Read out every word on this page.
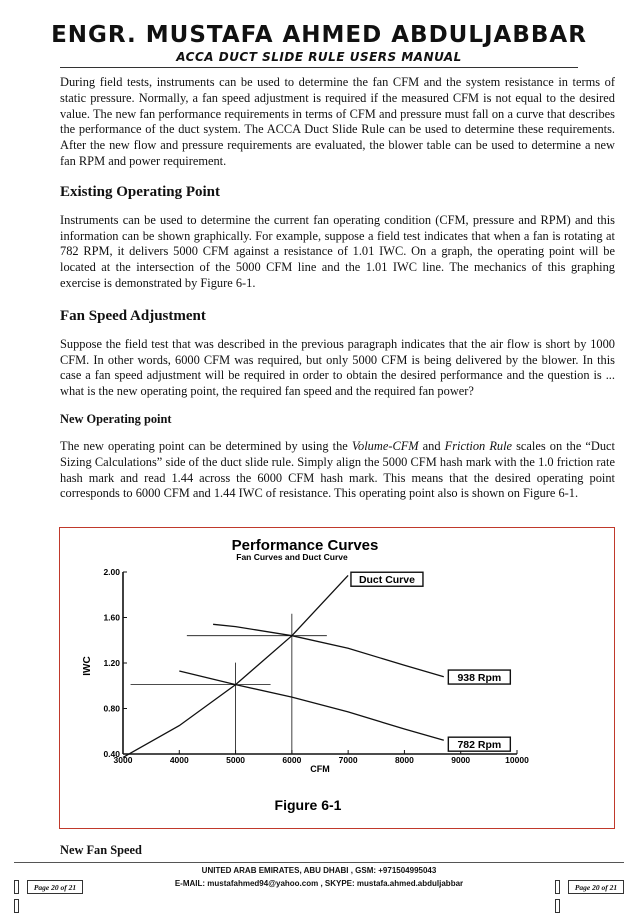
ENGR. MUSTAFA AHMED ABDULJABBAR
ACCA DUCT SLIDE RULE USERS MANUAL

During field tests, instruments can be used to determine the fan CFM and the system resistance in terms of static pressure. Normally, a fan speed adjustment is required if the measured CFM is not equal to the desired value. The new fan performance requirements in terms of CFM and pressure must fall on a curve that describes the performance of the duct system. The ACCA Duct Slide Rule can be used to determine these requirements. After the new flow and pressure requirements are evaluated, the blower table can be used to determine a new fan RPM and power requirement.

Existing Operating Point

Instruments can be used to determine the current fan operating condition (CFM, pressure and RPM) and this information can be shown graphically. For example, suppose a field test indicates that when a fan is rotating at 782 RPM, it delivers 5000 CFM against a resistance of 1.01 IWC. On a graph, the operating point will be located at the intersection of the 5000 CFM line and the 1.01 IWC line. The mechanics of this graphing exercise is demonstrated by Figure 6-1.

Fan Speed Adjustment

Suppose the field test that was described in the previous paragraph indicates that the air flow is short by 1000 CFM. In other words, 6000 CFM was required, but only 5000 CFM is being delivered by the blower. In this case a fan speed adjustment will be required in order to obtain the desired performance and the question is ... what is the new operating point, the required fan speed and the required fan power?

New Operating point

The new operating point can be determined by using the Volume-CFM and Friction Rule scales on the “Duct Sizing Calculations” side of the duct slide rule. Simply align the 5000 CFM hash mark with the 1.0 friction rate hash mark and read 1.44 across the 6000 CFM hash mark. This means that the desired operating point corresponds to 6000 CFM and 1.44 IWC of resistance. This operating point also is shown on Figure 6-1.

Performance Curves
Fan Curves and Duct Curve
IWC
CFM
Figure 6-1
3000	4000	5000	6000	7000	8000	9000	10000
2.00
1.60
1.20
0.80
0.40
Duct Curve
938 Rpm
782 Rpm
New Fan Speed
UNITED ARAB EMIRATES, ABU DHABI , GSM: +971504995043
E-MAIL: mustafahmed94@yahoo.com , SKYPE: mustafa.ahmed.abduljabbar
Page 20 of 21	Page 20 of 21
